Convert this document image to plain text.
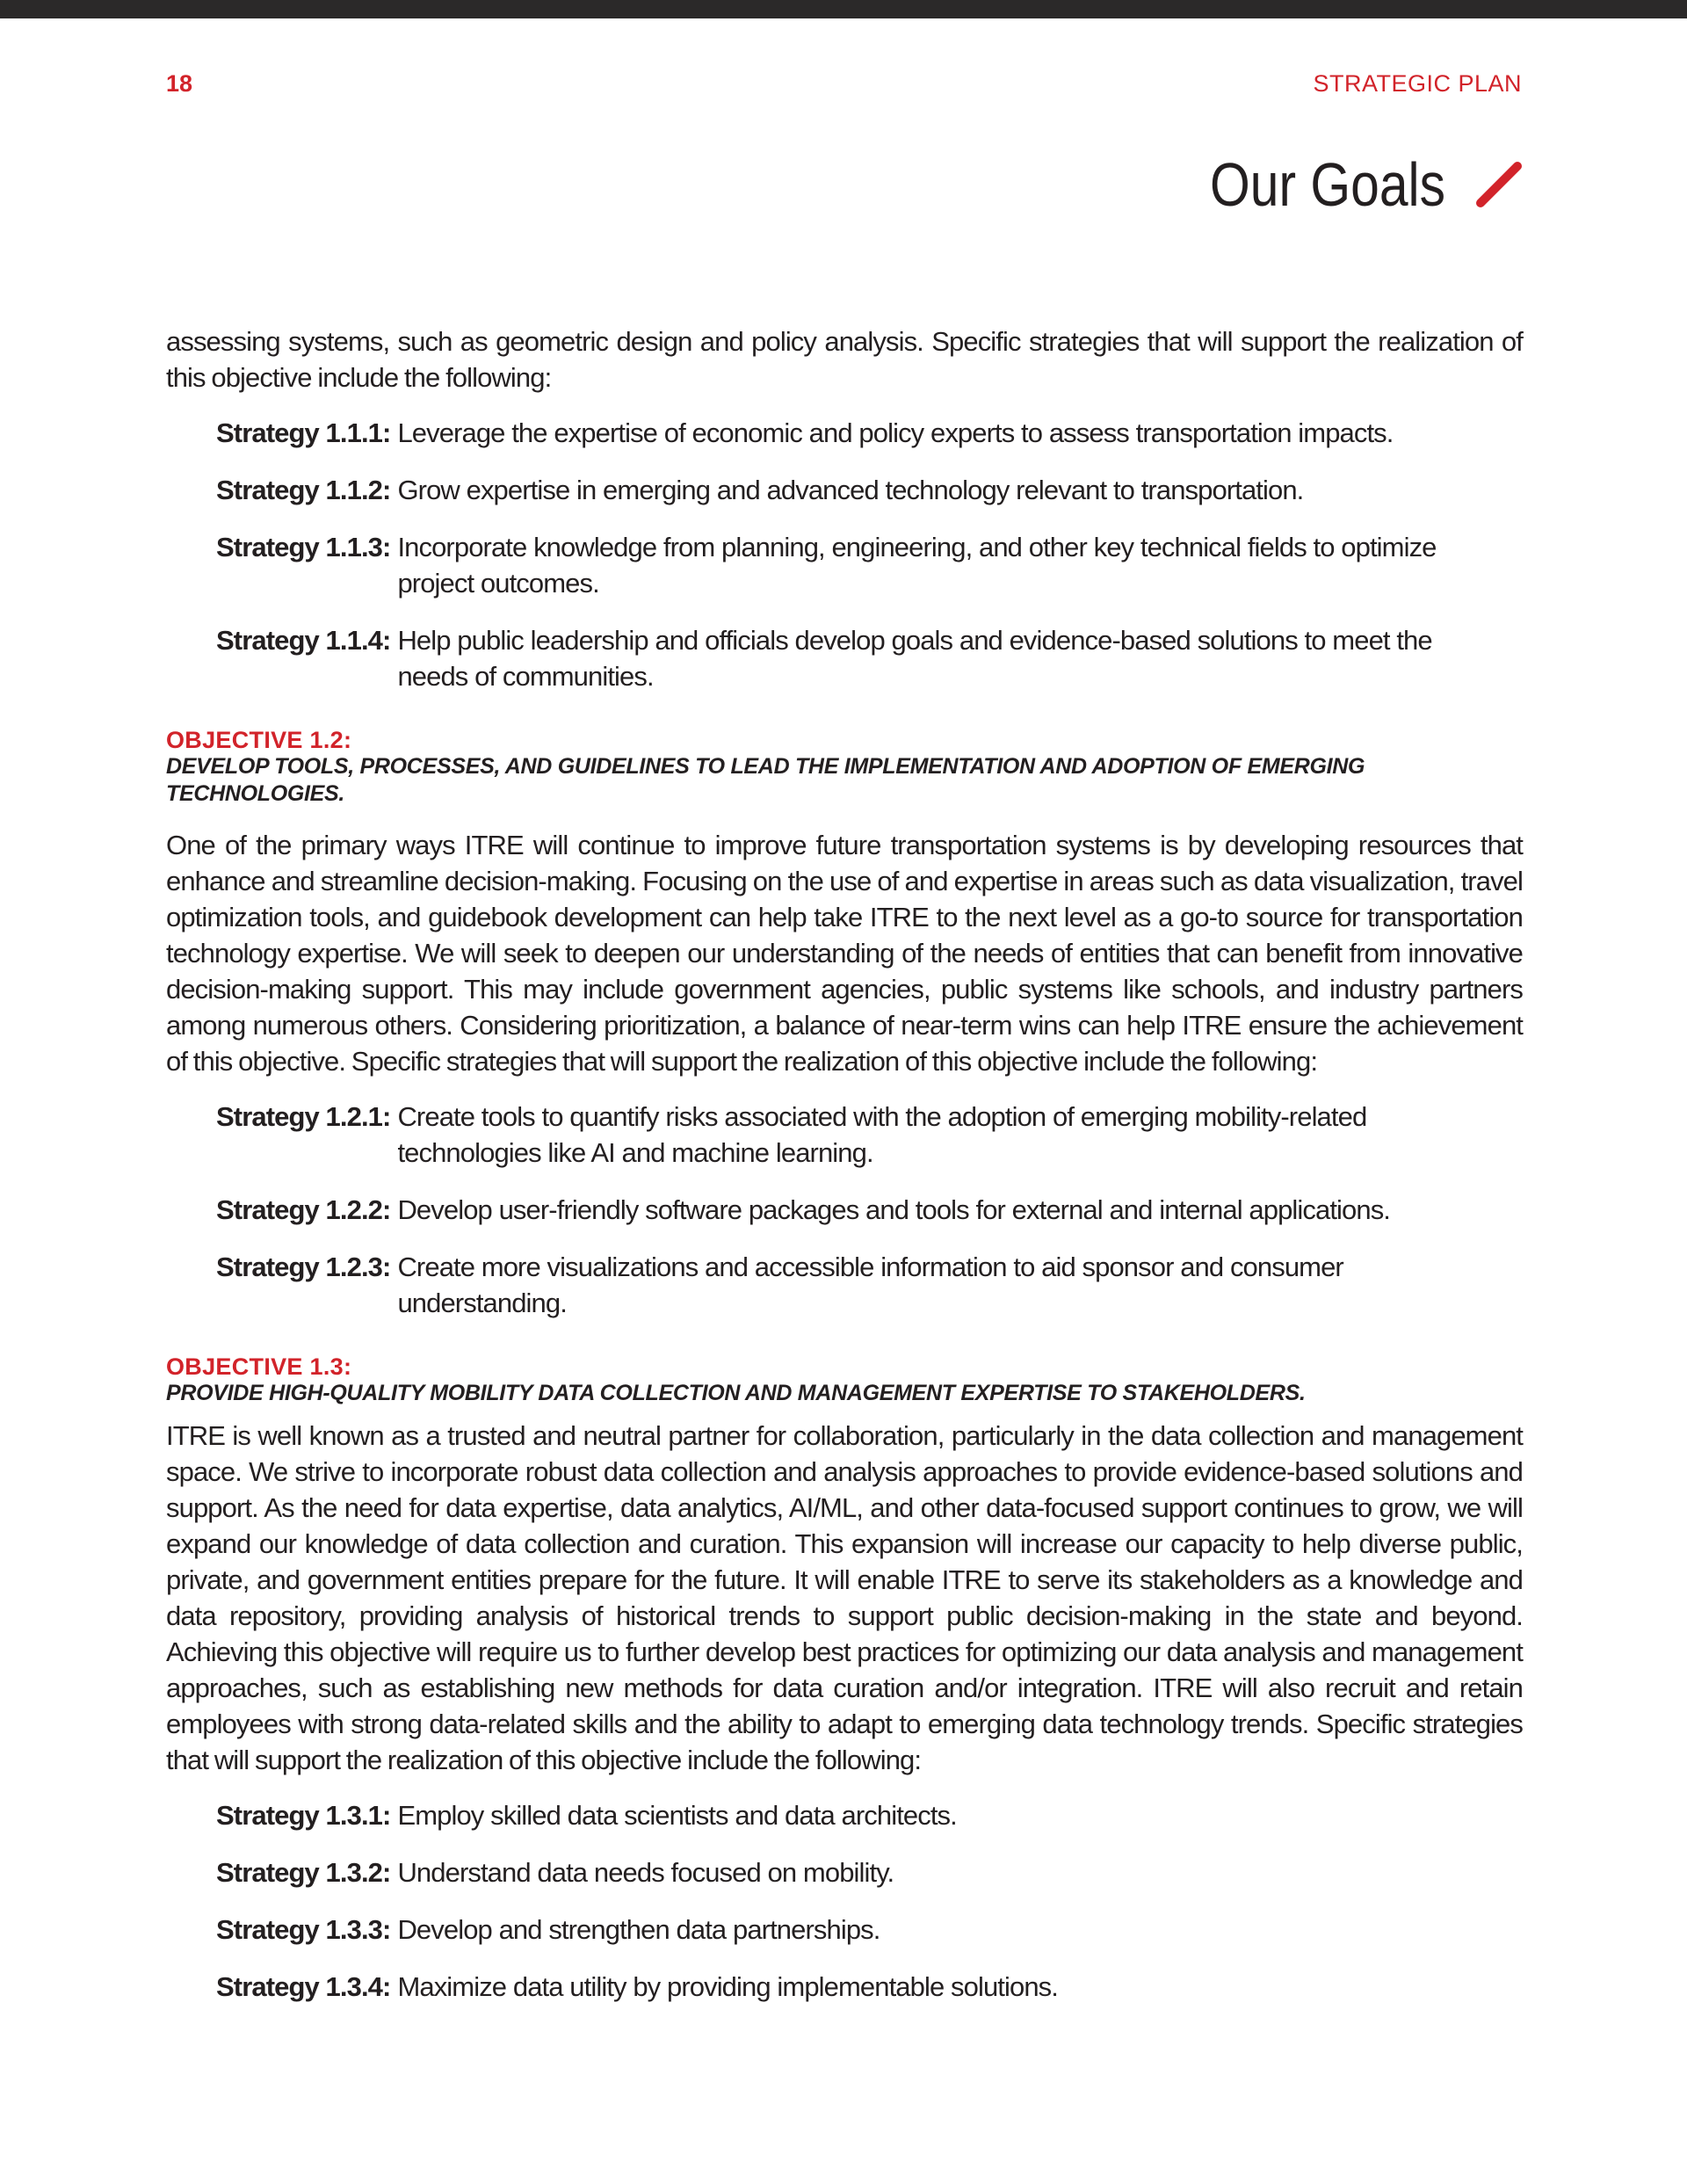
18	STRATEGIC PLAN
Our Goals

assessing systems, such as geometric design and policy analysis. Specific strategies that will support the realization of this objective include the following:

Strategy 1.1.1: Leverage the expertise of economic and policy experts to assess transportation impacts.
Strategy 1.1.2: Grow expertise in emerging and advanced technology relevant to transportation.
Strategy 1.1.3: Incorporate knowledge from planning, engineering, and other key technical fields to optimize project outcomes.
Strategy 1.1.4: Help public leadership and officials develop goals and evidence-based solutions to meet the needs of communities.
OBJECTIVE 1.2:
DEVELOP TOOLS, PROCESSES, AND GUIDELINES TO LEAD THE IMPLEMENTATION AND ADOPTION OF EMERGING TECHNOLOGIES.

One of the primary ways ITRE will continue to improve future transportation systems is by developing resources that enhance and streamline decision-making. Focusing on the use of and expertise in areas such as data visualization, travel optimization tools, and guidebook development can help take ITRE to the next level as a go-to source for transportation technology expertise. We will seek to deepen our understanding of the needs of entities that can benefit from innovative decision-making support. This may include government agencies, public systems like schools, and industry partners among numerous others. Considering prioritization, a balance of near-term wins can help ITRE ensure the achievement of this objective. Specific strategies that will support the realization of this objective include the following:

Strategy 1.2.1: Create tools to quantify risks associated with the adoption of emerging mobility-related technologies like AI and machine learning.
Strategy 1.2.2: Develop user-friendly software packages and tools for external and internal applications.
Strategy 1.2.3: Create more visualizations and accessible information to aid sponsor and consumer understanding.
OBJECTIVE 1.3:
PROVIDE HIGH-QUALITY MOBILITY DATA COLLECTION AND MANAGEMENT EXPERTISE TO STAKEHOLDERS.

ITRE is well known as a trusted and neutral partner for collaboration, particularly in the data collection and management space. We strive to incorporate robust data collection and analysis approaches to provide evidence-based solutions and support. As the need for data expertise, data analytics, AI/ML, and other data-focused support continues to grow, we will expand our knowledge of data collection and curation. This expansion will increase our capacity to help diverse public, private, and government entities prepare for the future. It will enable ITRE to serve its stakeholders as a knowledge and data repository, providing analysis of historical trends to support public decision-making in the state and beyond. Achieving this objective will require us to further develop best practices for optimizing our data analysis and management approaches, such as establishing new methods for data curation and/or integration. ITRE will also recruit and retain employees with strong data-related skills and the ability to adapt to emerging data technology trends. Specific strategies that will support the realization of this objective include the following:

Strategy 1.3.1: Employ skilled data scientists and data architects.
Strategy 1.3.2: Understand data needs focused on mobility.
Strategy 1.3.3: Develop and strengthen data partnerships.
Strategy 1.3.4: Maximize data utility by providing implementable solutions.
